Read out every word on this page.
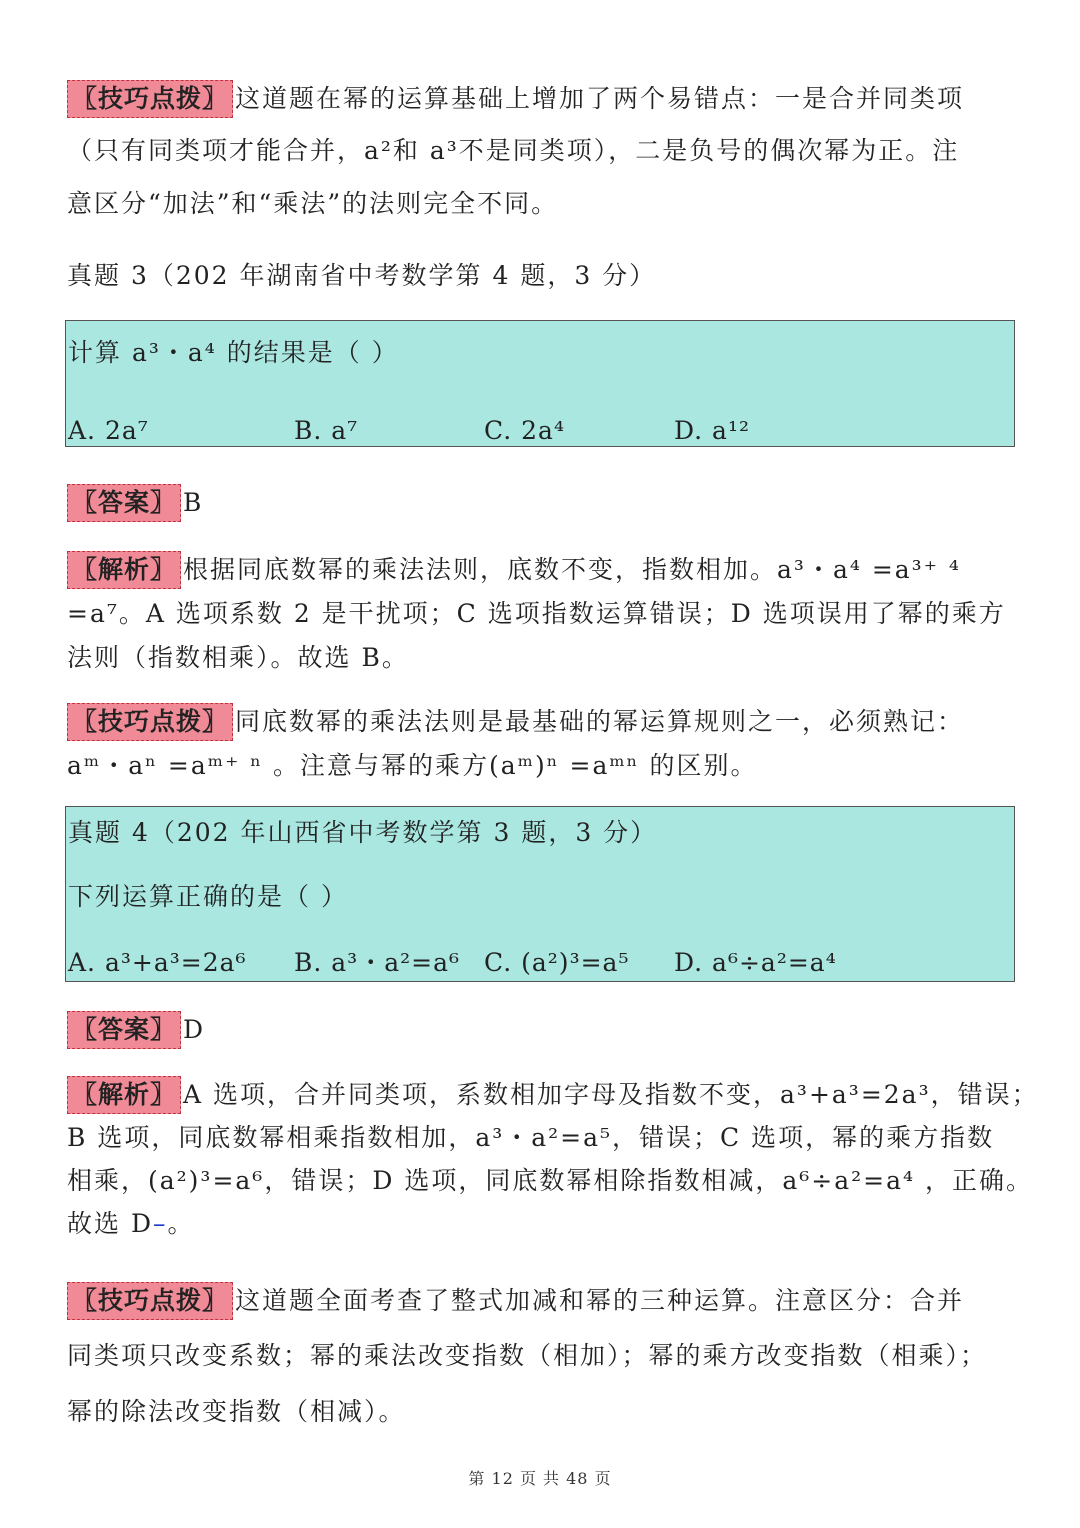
〖技巧点拨〗 这道题在幂的运算基础上增加了两个易错点：一是合并同类项
（只有同类项才能合并，a²和 a³不是同类项），二是负号的偶次幂为正。注
意区分“加法”和“乘法”的法则完全不同。
真题 3（202 年湖南省中考数学第 4 题，3 分）
计算 a³・a⁴ 的结果是（ ）
A. 2a⁷	B. a⁷	C. 2a⁴	D. a¹²
〖答案〗 B
〖解析〗 根据同底数幂的乘法法则，底数不变，指数相加。a³・a⁴ =a³⁺ ⁴
=a⁷。A 选项系数 2 是干扰项；C 选项指数运算错误；D 选项误用了幂的乘方
法则（指数相乘）。故选 B。
〖技巧点拨〗 同底数幂的乘法法则是最基础的幂运算规则之一，必须熟记：
aᵐ・aⁿ =aᵐ⁺ ⁿ 。注意与幂的乘方(aᵐ)ⁿ =aᵐⁿ 的区别。
真题 4（202 年山西省中考数学第 3 题，3 分）
下列运算正确的是（ ）
A. a³+a³=2a⁶ B. a³・a²=a⁶ C. (a²)³=a⁵ D. a⁶÷a²=a⁴
〖答案〗 D
〖解析〗 A 选项，合并同类项，系数相加字母及指数不变，a³+a³=2a³，错误；
B 选项，同底数幂相乘指数相加，a³・a²=a⁵，错误；C 选项，幂的乘方指数
相乘，(a²)³=a⁶，错误；D 选项，同底数幂相除指数相减，a⁶÷a²=a⁴ ，正确。
故选 D–。
〖技巧点拨〗 这道题全面考查了整式加减和幂的三种运算。注意区分：合并
同类项只改变系数；幂的乘法改变指数（相加）；幂的乘方改变指数（相乘）；
幂的除法改变指数（相减）。
第 12 页 共 48 页
